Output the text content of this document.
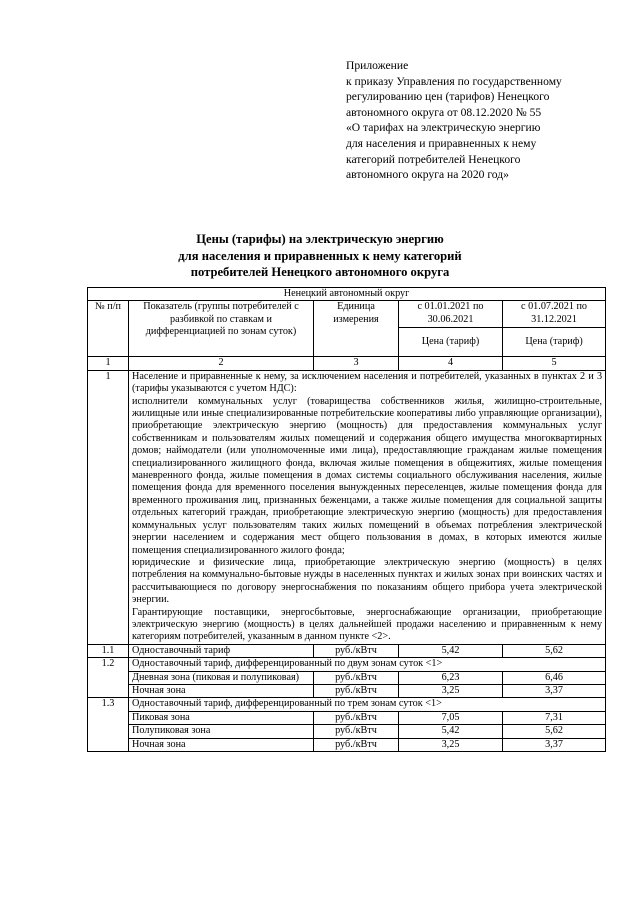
Приложение
к приказу Управления по государственному
регулированию цен (тарифов) Ненецкого
автономного округа от 08.12.2020 № 55
«О тарифах на электрическую энергию
для населения и приравненных к нему
категорий потребителей Ненецкого
автономного округа на 2020 год»
Цены (тарифы) на электрическую энергию
для населения и приравненных к нему категорий
потребителей Ненецкого автономного округа
Ненецкий автономный округ				
№ п/п	Показатель (группы потребителей с разбивкой по ставкам и дифференциацией по зонам суток)	Единица измерения	с 01.01.2021 по 30.06.2021	с 01.07.2021 по 31.12.2021
			Цена (тариф)	Цена (тариф)
1	2	3	4	5
1	Население и приравненные к нему, за исключением населения и потребителей, указанных в пунктах 2 и 3 (тарифы указываются с учетом НДС):

исполнители коммунальных услуг (товарищества собственников жилья, жилищно-строительные, жилищные или иные специализированные потребительские кооперативы либо управляющие организации), приобретающие электрическую энергию (мощность) для предоставления коммунальных услуг собственникам и пользователям жилых помещений и содержания общего имущества многоквартирных домов; наймодатели (или уполномоченные ими лица), предоставляющие гражданам жилые помещения специализированного жилищного фонда, включая жилые помещения в общежитиях, жилые помещения маневренного фонда, жилые помещения в домах системы социального обслуживания населения, жилые помещения фонда для временного поселения вынужденных переселенцев, жилые помещения фонда для временного проживания лиц, признанных беженцами, а также жилые помещения для социальной защиты отдельных категорий граждан, приобретающие электрическую энергию (мощность) для предоставления коммунальных услуг пользователям таких жилых помещений в объемах потребления электрической энергии населением и содержания мест общего пользования в домах, в которых имеются жилые помещения специализированного жилого фонда;

юридические и физические лица, приобретающие электрическую энергию (мощность) в целях потребления на коммунально-бытовые нужды в населенных пунктах и жилых зонах при воинских частях и рассчитывающиеся по договору энергоснабжения по показаниям общего прибора учета электрической энергии.

Гарантирующие поставщики, энергосбытовые, энергоснабжающие организации, приобретающие электрическую энергию (мощность) в целях дальнейшей продажи населению и приравненным к нему категориям потребителей, указанным в данном пункте <2>.			

1.1	Одноставочный тариф	руб./кВтч	5,42	5,62
1.2	Одноставочный тариф, дифференцированный по двум зонам суток <1>			
	Дневная зона (пиковая и полупиковая)	руб./кВтч	6,23	6,46
	Ночная зона	руб./кВтч	3,25	3,37
1.3	Одноставочный тариф, дифференцированный по трем зонам суток <1>			
	Пиковая зона	руб./кВтч	7,05	7,31
	Полупиковая зона	руб./кВтч	5,42	5,62
	Ночная зона	руб./кВтч	3,25	3,37
